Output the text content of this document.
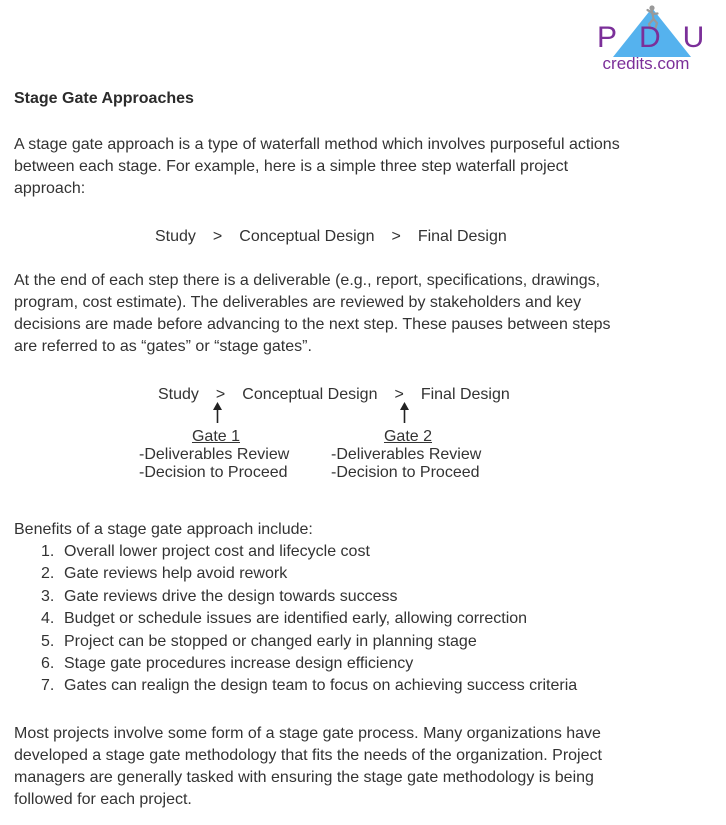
PDU
credits.com
Stage Gate Approaches
A stage gate approach is a type of waterfall method which involves purposeful actions
between each stage. For example, here is a simple three step waterfall project
approach:
Study > Conceptual Design > Final Design
At the end of each step there is a deliverable (e.g., report, specifications, drawings,
program, cost estimate). The deliverables are reviewed by stakeholders and key
decisions are made before advancing to the next step. These pauses between steps
are referred to as “gates” or “stage gates”.
Study > Conceptual Design > Final Design
Gate 1
-Deliverables Review
-Decision to Proceed
Gate 2
-Deliverables Review
-Decision to Proceed
Benefits of a stage gate approach include:
1. Overall lower project cost and lifecycle cost
2. Gate reviews help avoid rework
3. Gate reviews drive the design towards success
4. Budget or schedule issues are identified early, allowing correction
5. Project can be stopped or changed early in planning stage
6. Stage gate procedures increase design efficiency
7. Gates can realign the design team to focus on achieving success criteria
Most projects involve some form of a stage gate process. Many organizations have
developed a stage gate methodology that fits the needs of the organization. Project
managers are generally tasked with ensuring the stage gate methodology is being
followed for each project.
